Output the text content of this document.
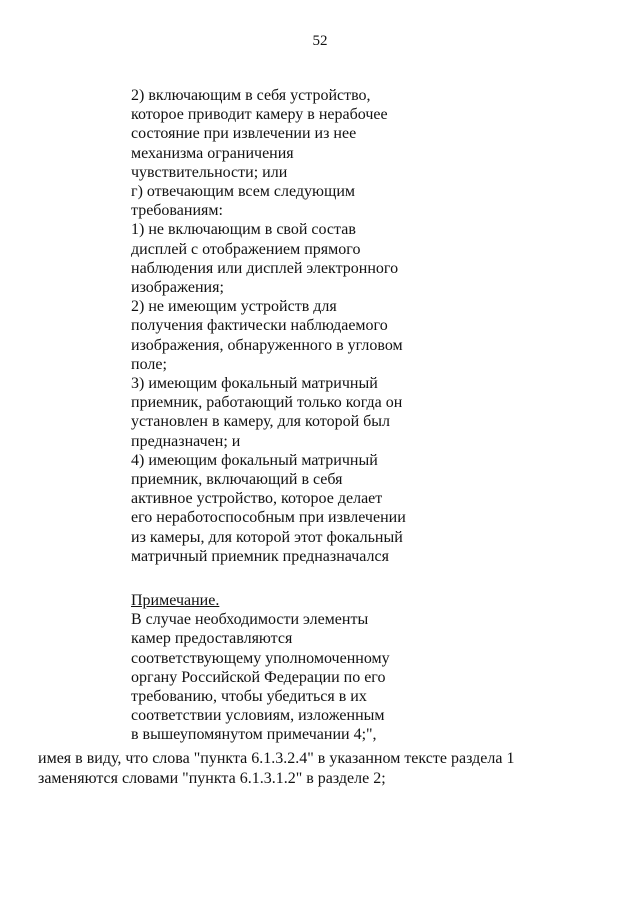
52
2) включающим в себя устройство,
которое приводит камеру в нерабочее
состояние при извлечении из нее
механизма ограничения
чувствительности; или
г) отвечающим всем следующим
требованиям:
1) не включающим в свой состав
дисплей с отображением прямого
наблюдения или дисплей электронного
изображения;
2) не имеющим устройств для
получения фактически наблюдаемого
изображения, обнаруженного в угловом
поле;
3) имеющим фокальный матричный
приемник, работающий только когда он
установлен в камеру, для которой был
предназначен; и
4) имеющим фокальный матричный
приемник, включающий в себя
активное устройство, которое делает
его неработоспособным при извлечении
из камеры, для которой этот фокальный
матричный приемник предназначался
Примечание.
В случае необходимости элементы
камер предоставляются
соответствующему уполномоченному
органу Российской Федерации по его
требованию, чтобы убедиться в их
соответствии условиям, изложенным
в вышеупомянутом примечании 4;",
имея в виду, что слова "пункта 6.1.3.2.4" в указанном тексте раздела 1
заменяются словами "пункта 6.1.3.1.2" в разделе 2;
